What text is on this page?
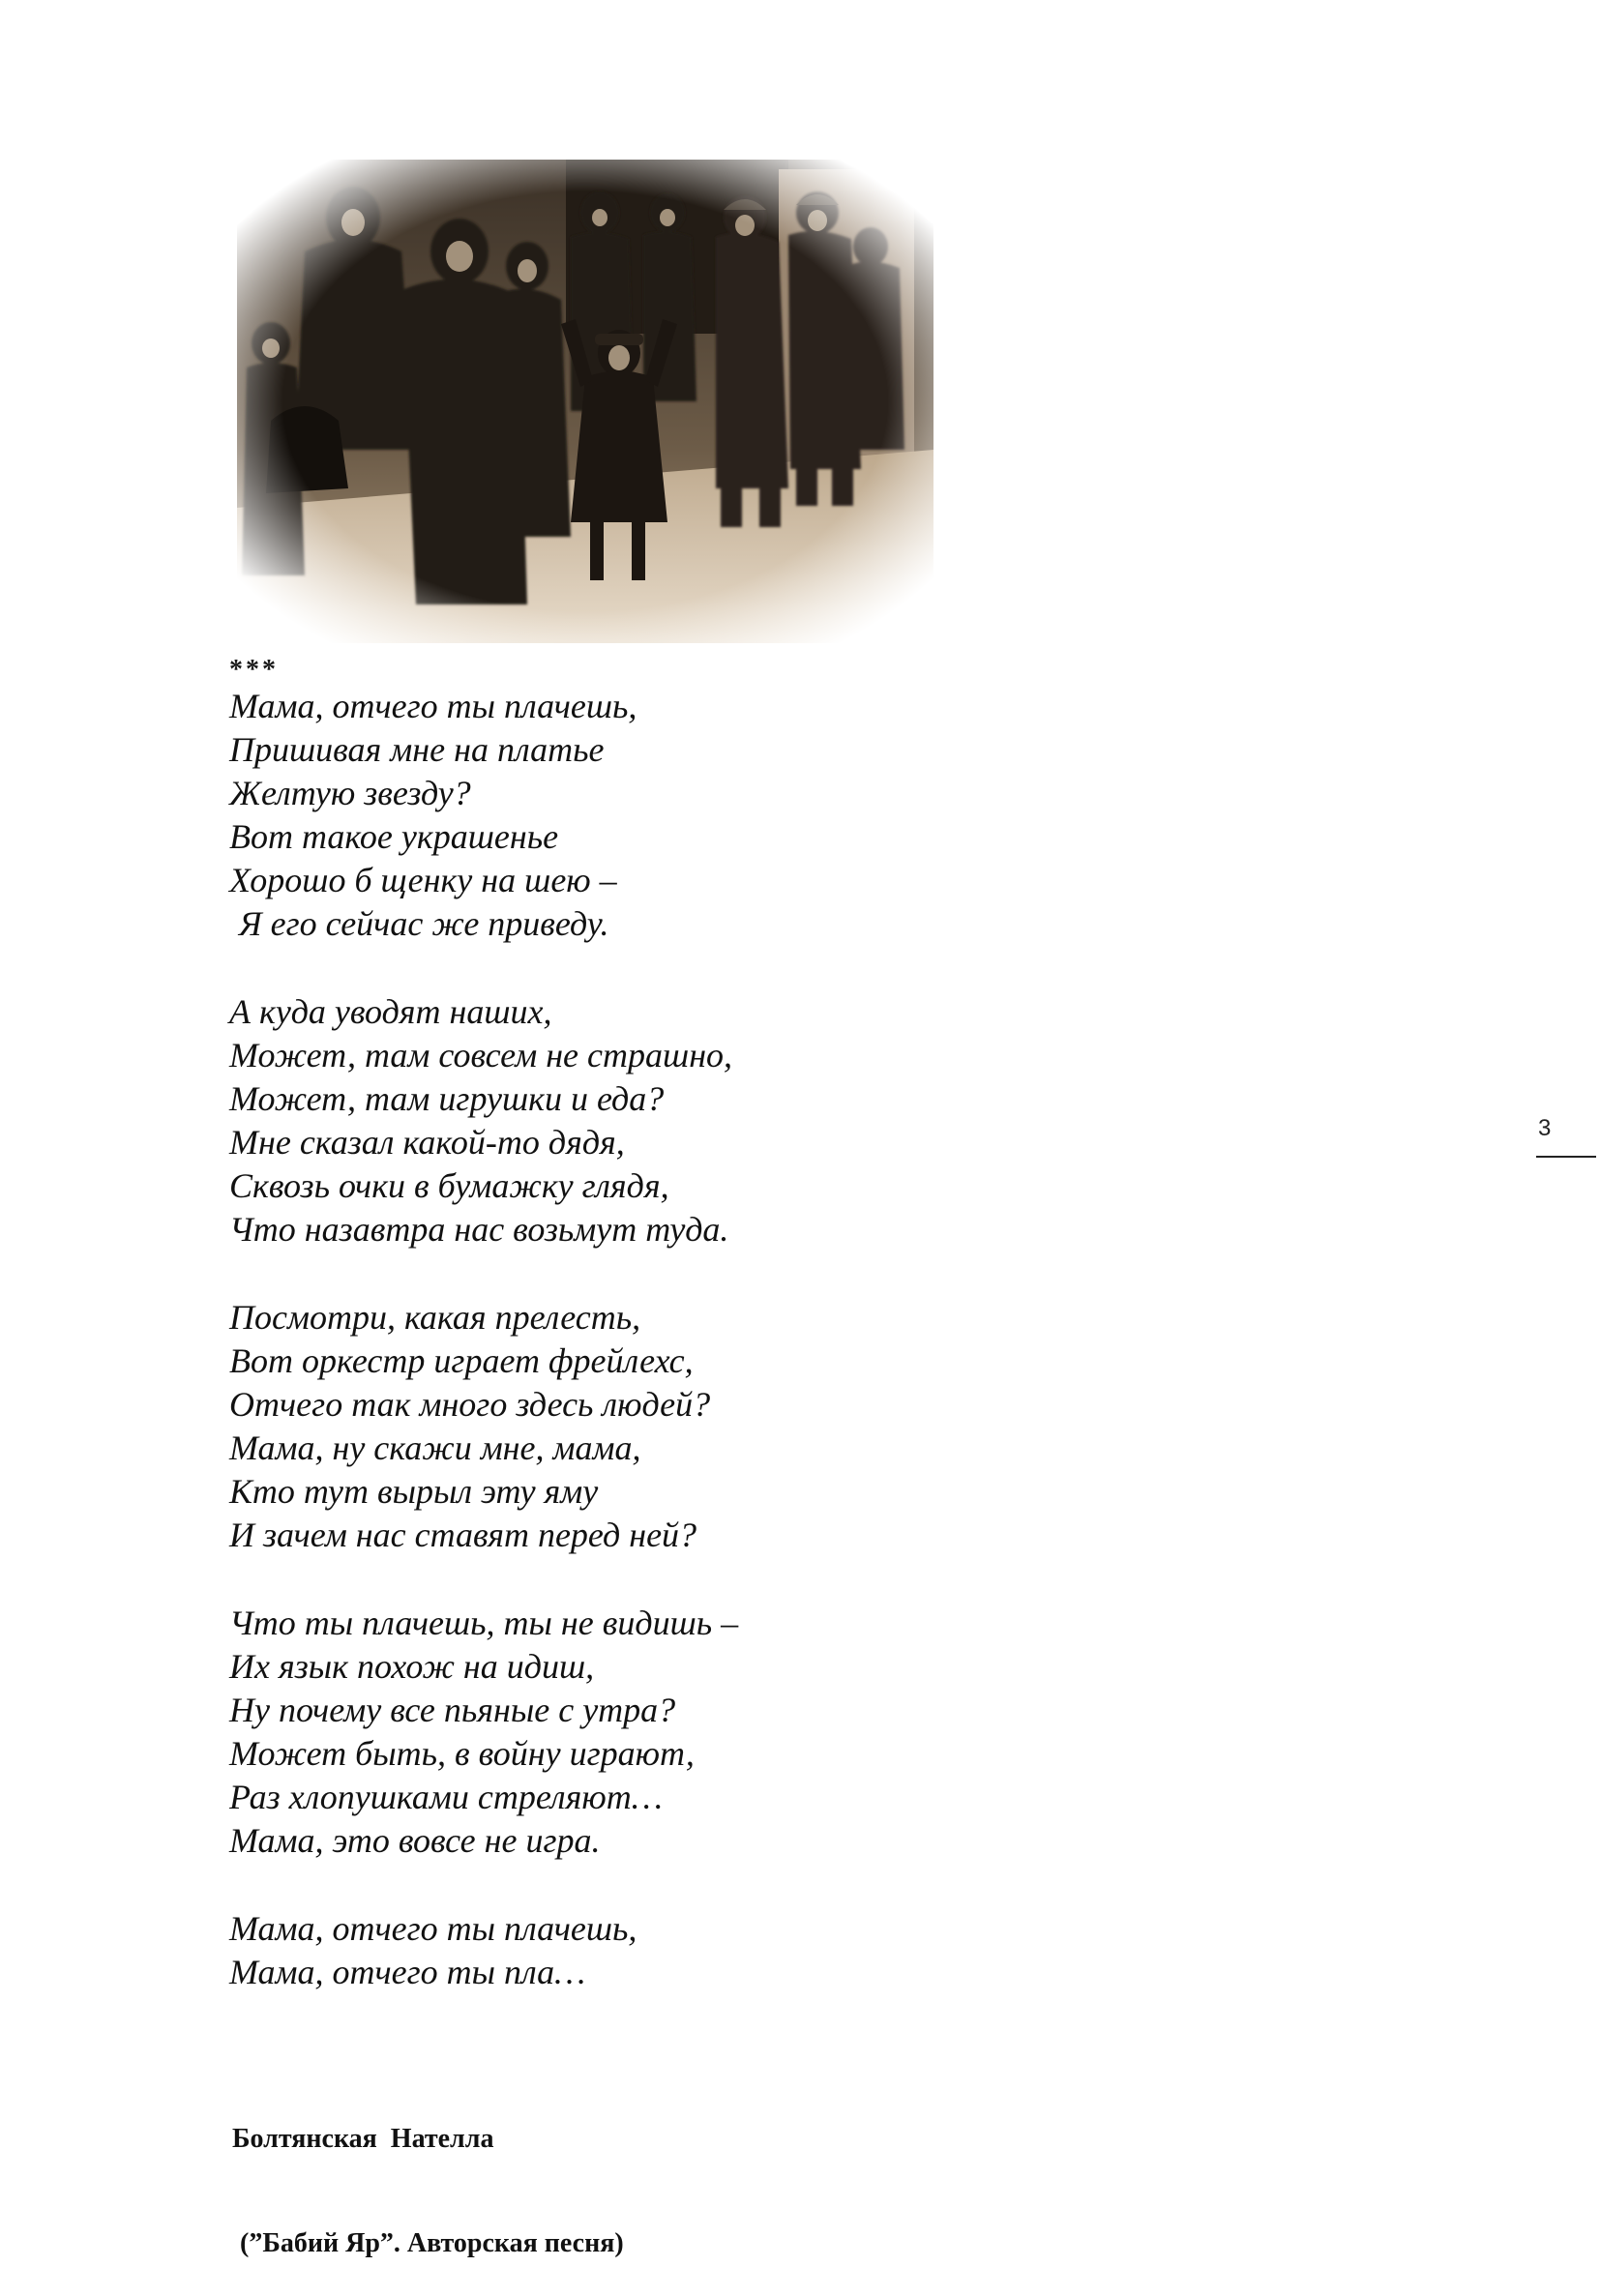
***

Мама, отчего ты плачешь,
Пришивая мне на платье
Желтую звезду?
Вот такое украшенье
Хорошо б щенку на шею –
Я его сейчас же приведу.
А куда уводят наших,
Может, там совсем не страшно,
Может, там игрушки и еда?
Мне сказал какой-то дядя,
Сквозь очки в бумажку глядя,
Что назавтра нас возьмут туда.
Посмотри, какая прелесть,
Вот оркестр играет фрейлехс,
Отчего так много здесь людей?
Мама, ну скажи мне, мама,
Кто тут вырыл эту яму
И зачем нас ставят перед ней?
Что ты плачешь, ты не видишь –
Их язык похож на идиш,
Ну почему все пьяные с утра?
Может быть, в войну играют,
Раз хлопушками стреляют…
Мама, это вовсе не игра.
Мама, отчего ты плачешь,
Мама, отчего ты пла…

Болтянская  Нателла

(”Бабий Яр”. Авторская песня)

3
